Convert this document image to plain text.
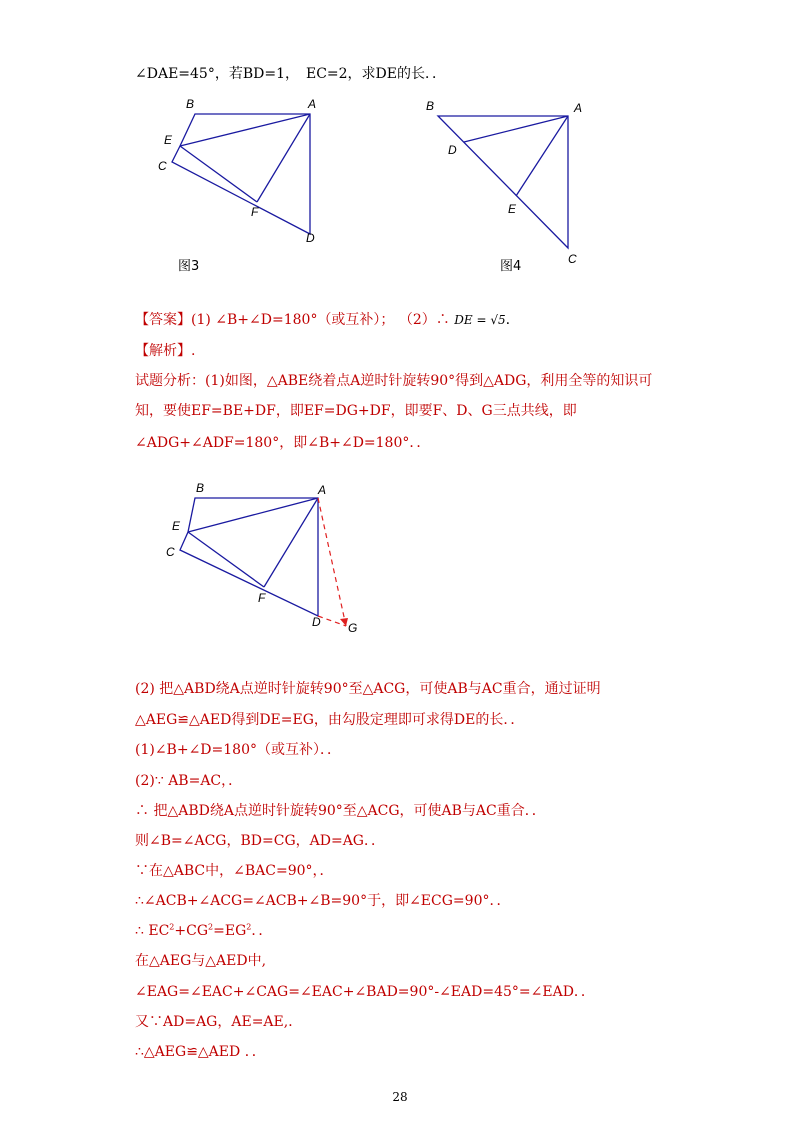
∠DAE=45°，若BD=1，　EC=2，求DE的长．．
B	A
E
C
F
D
图3
B	A
D
E
C
图4
【答案】(1) ∠B+∠D=180°（或互补）； （2）∴ DE = √5.
【解析】.
试题分析：(1)如图，△ABE绕着点A逆时针旋转90°得到△ADG，利用全等的知识可
知，要使EF=BE+DF，即EF=DG+DF，即要F、D、G三点共线，即
∠ADG+∠ADF=180°，即∠B+∠D=180°．．
B	A
E
C
F
D G
(2) 把△ABD绕A点逆时针旋转90°至△ACG，可使AB与AC重合，通过证明
△AEG≌△AED得到DE=EG，由勾股定理即可求得DE的长．．
(1)∠B+∠D=180°（或互补）．．
(2)∵ AB=AC，．
∴ 把△ABD绕A点逆时针旋转90°至△ACG，可使AB与AC重合．．
则∠B=∠ACG，BD=CG，AD=AG．．
∵在△ABC中，∠BAC=90°，．
∴∠ACB+∠ACG=∠ACB+∠B=90°于，即∠ECG=90°．．
∴ $EC^2+CG^2=EG^2$．．
在△AEG与△AED中,
∠EAG=∠EAC+∠CAG=∠EAC+∠BAD=90°-∠EAD=45°=∠EAD．．
又∵AD=AG，AE=AE,．
∴△AEG≌△AED ．．
28
